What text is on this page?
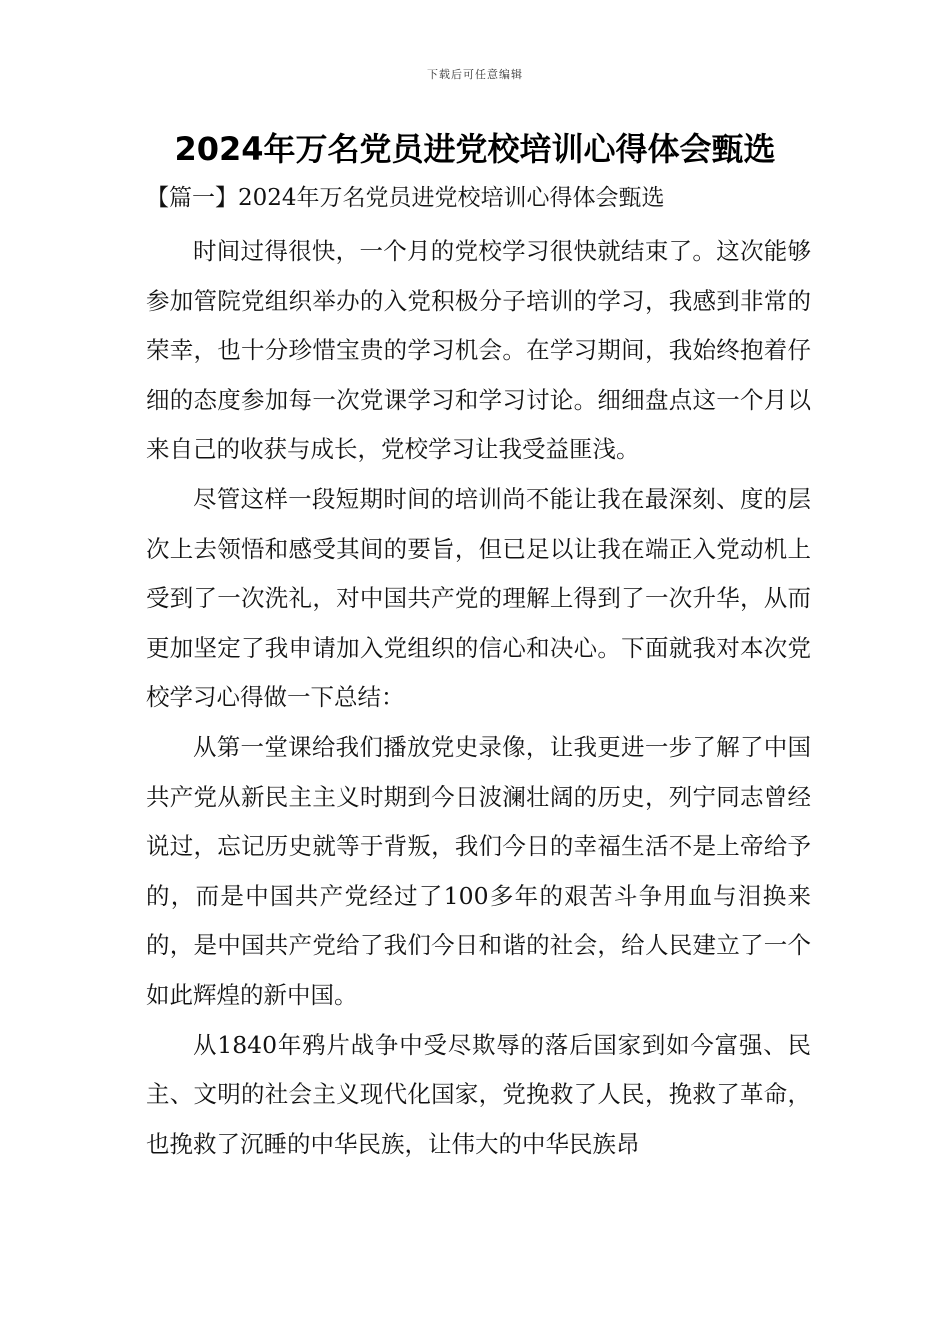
下载后可任意编辑
2024年万名党员进党校培训心得体会甄选

【篇一】2024年万名党员进党校培训心得体会甄选

时间过得很快，一个月的党校学习很快就结束了。这次能够参加管院党组织举办的入党积极分子培训的学习，我感到非常的荣幸，也十分珍惜宝贵的学习机会。在学习期间，我始终抱着仔细的态度参加每一次党课学习和学习讨论。细细盘点这一个月以来自己的收获与成长，党校学习让我受益匪浅。

尽管这样一段短期时间的培训尚不能让我在最深刻、度的层次上去领悟和感受其间的要旨，但已足以让我在端正入党动机上受到了一次洗礼，对中国共产党的理解上得到了一次升华，从而更加坚定了我申请加入党组织的信心和决心。下面就我对本次党校学习心得做一下总结：

从第一堂课给我们播放党史录像，让我更进一步了解了中国共产党从新民主主义时期到今日波澜壮阔的历史，列宁同志曾经说过，忘记历史就等于背叛，我们今日的幸福生活不是上帝给予的，而是中国共产党经过了100多年的艰苦斗争用血与泪换来的，是中国共产党给了我们今日和谐的社会，给人民建立了一个如此辉煌的新中国。

从1840年鸦片战争中受尽欺辱的落后国家到如今富强、民主、文明的社会主义现代化国家，党挽救了人民，挽救了革命，也挽救了沉睡的中华民族，让伟大的中华民族昂
